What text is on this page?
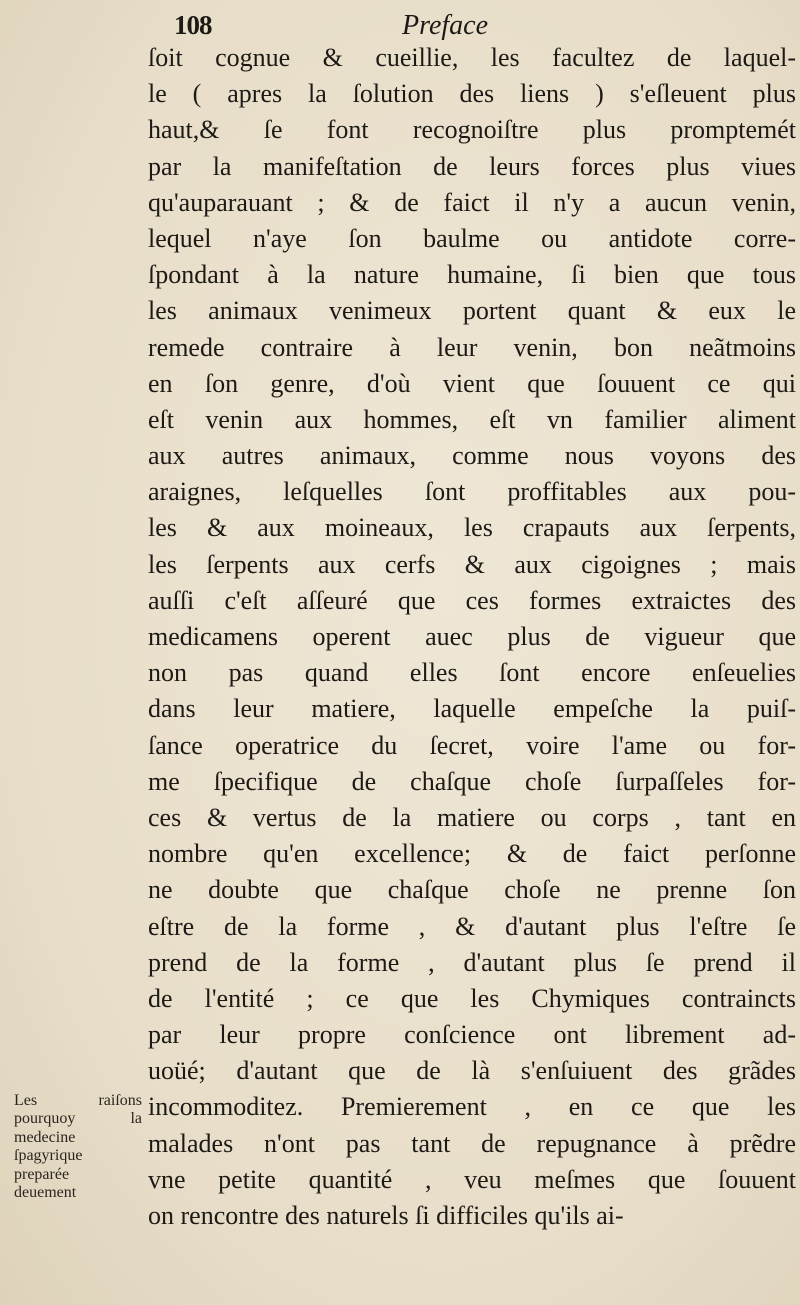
108	Preface
ſoit cognue & cueillie, les facultez de laquel-
le ( apres la ſolution des liens ) s'eſleuent plus
haut,& ſe font recognoiſtre plus promptemét
par la manifeſtation de leurs forces plus viues
qu'auparauant ; & de faict il n'y a aucun venin,
lequel n'aye ſon baulme ou antidote corre-
ſpondant à la nature humaine, ſi bien que tous
les animaux venimeux portent quant & eux le
remede contraire à leur venin, bon neãtmoins
en ſon genre, d'où vient que ſouuent ce qui
eſt venin aux hommes, eſt vn familier aliment
aux autres animaux, comme nous voyons des
araignes, leſquelles ſont proffitables aux pou-
les & aux moineaux, les crapauts aux ſerpents,
les ſerpents aux cerfs & aux cigoignes ; mais
auſſi c'eſt aſſeuré que ces formes extraictes des
medicamens operent auec plus de vigueur que
non pas quand elles ſont encore enſeuelies
dans leur matiere, laquelle empeſche la puiſ-
ſance operatrice du ſecret, voire l'ame ou for-
me ſpecifique de chaſque choſe ſurpaſſeles for-
ces & vertus de la matiere ou corps , tant en
nombre qu'en excellence; & de faict perſonne
ne doubte que chaſque choſe ne prenne ſon
eſtre de la forme , & d'autant plus l'eſtre ſe
prend de la forme , d'autant plus ſe prend il
de l'entité ; ce que les Chymiques contraincts
par leur propre conſcience ont librement ad-
uoüé; d'autant que de là s'enſuiuent des grãdes
incommoditez. Premierement , en ce que les
malades n'ont pas tant de repugnance à prẽdre
vne petite quantité , veu meſmes que ſouuent
on rencontre des naturels ſi difficiles qu'ils ai-
Les raiſons
pourquoy la
medecine
ſpagyrique
preparée
deuement
